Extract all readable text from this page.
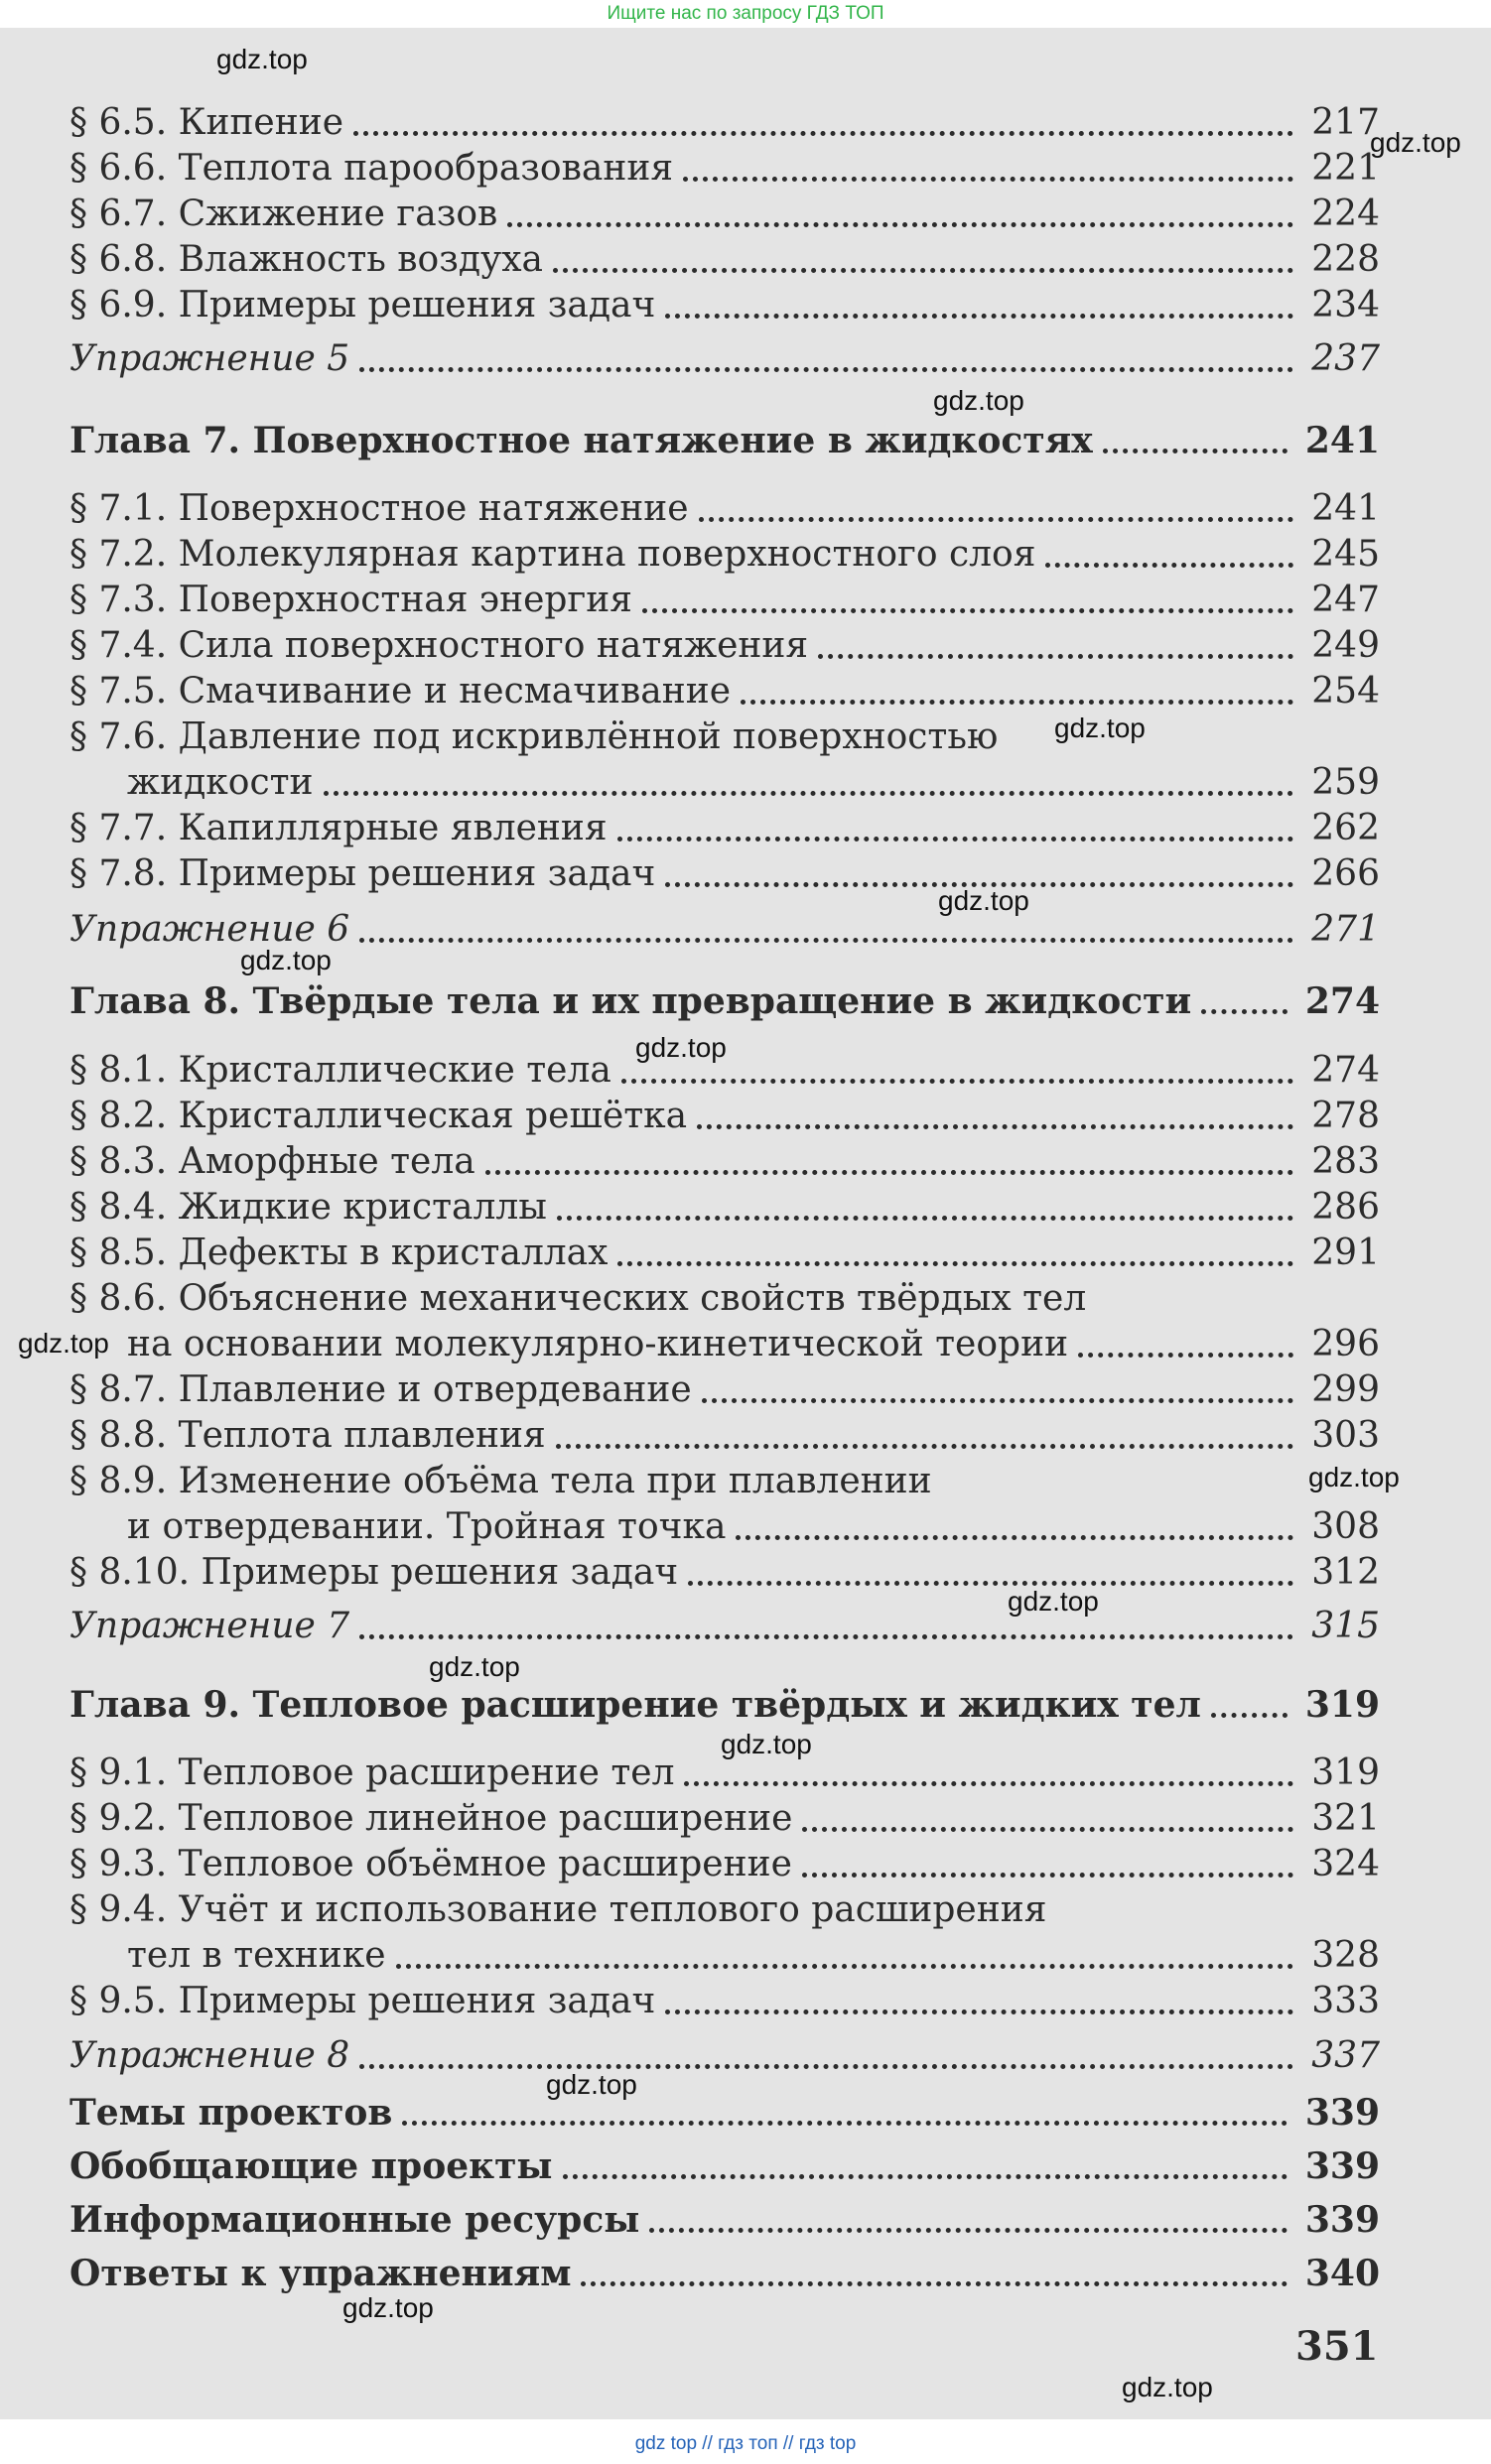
Ищите нас по запросу ГДЗ ТОП
§ 6.5. Кипение	217
§ 6.6. Теплота парообразования	221
§ 6.7. Сжижение газов	224
§ 6.8. Влажность воздуха	228
§ 6.9. Примеры решения задач	234
Упражнение 5	237
Глава 7. Поверхностное натяжение в жидкостях	241
§ 7.1. Поверхностное натяжение	241
§ 7.2. Молекулярная картина поверхностного слоя	245
§ 7.3. Поверхностная энергия	247
§ 7.4. Сила поверхностного натяжения	249
§ 7.5. Смачивание и несмачивание	254
§ 7.6. Давление под искривлённой поверхностью
жидкости	259
§ 7.7. Капиллярные явления	262
§ 7.8. Примеры решения задач	266
Упражнение 6	271
Глава 8. Твёрдые тела и их превращение в жидкости	274
§ 8.1. Кристаллические тела	274
§ 8.2. Кристаллическая решётка	278
§ 8.3. Аморфные тела	283
§ 8.4. Жидкие кристаллы	286
§ 8.5. Дефекты в кристаллах	291
§ 8.6. Объяснение механических свойств твёрдых тел
на основании молекулярно-кинетической теории	296
§ 8.7. Плавление и отвердевание	299
§ 8.8. Теплота плавления	303
§ 8.9. Изменение объёма тела при плавлении
и отвердевании. Тройная точка	308
§ 8.10. Примеры решения задач	312
Упражнение 7	315
Глава 9. Тепловое расширение твёрдых и жидких тел	319
§ 9.1. Тепловое расширение тел	319
§ 9.2. Тепловое линейное расширение	321
§ 9.3. Тепловое объёмное расширение	324
§ 9.4. Учёт и использование теплового расширения
тел в технике	328
§ 9.5. Примеры решения задач	333
Упражнение 8	337
Темы проектов	339
Обобщающие проекты	339
Информационные ресурсы	339
Ответы к упражнениям	340
351
gdz.top
gdz.top
gdz.top
gdz.top
gdz.top
gdz.top
gdz.top
gdz.top
gdz.top
gdz.top
gdz.top
gdz.top
gdz.top
gdz.top
gdz.top
gdz top // гдз топ // гдз top
